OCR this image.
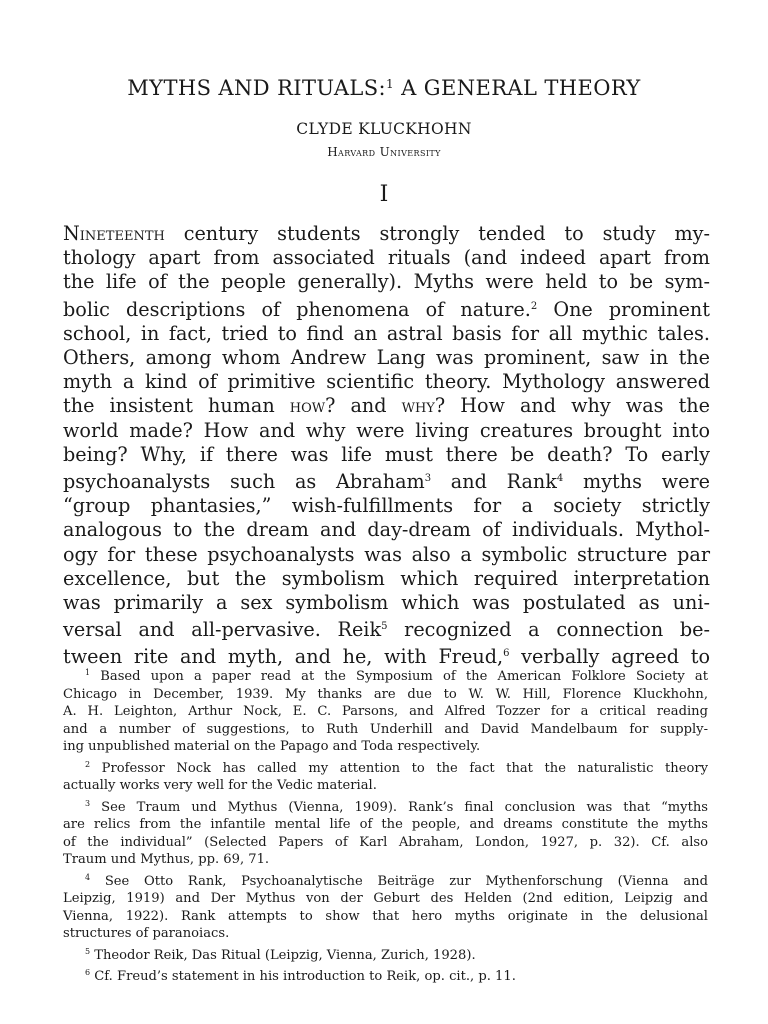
MYTHS AND RITUALS:$^1$ A GENERAL THEORY
CLYDE KLUCKHOHN
Harvard University
I
Nineteenth century students strongly tended to study my-
thology apart from associated rituals (and indeed apart from
the life of the people generally). Myths were held to be sym-
bolic descriptions of phenomena of nature.$^2$ One prominent
school, in fact, tried to find an astral basis for all mythic tales.
Others, among whom Andrew Lang was prominent, saw in the
myth a kind of primitive scientific theory. Mythology answered
the insistent human how? and why? How and why was the
world made? How and why were living creatures brought into
being? Why, if there was life must there be death? To early
psychoanalysts such as Abraham$^3$ and Rank$^4$ myths were
“group phantasies,” wish-fulfillments for a society strictly
analogous to the dream and day-dream of individuals. Mythol-
ogy for these psychoanalysts was also a symbolic structure par
excellence, but the symbolism which required interpretation
was primarily a sex symbolism which was postulated as uni-
versal and all-pervasive. Reik$^5$ recognized a connection be-
tween rite and myth, and he, with Freud,$^6$ verbally agreed to
$^1$ Based upon a paper read at the Symposium of the American Folklore Society at
Chicago in December, 1939. My thanks are due to W. W. Hill, Florence Kluckhohn,
A. H. Leighton, Arthur Nock, E. C. Parsons, and Alfred Tozzer for a critical reading
and a number of suggestions, to Ruth Underhill and David Mandelbaum for supply-
ing unpublished material on the Papago and Toda respectively.
$^2$ Professor Nock has called my attention to the fact that the naturalistic theory
actually works very well for the Vedic material.
$^3$ See Traum und Mythus (Vienna, 1909). Rank’s final conclusion was that “myths
are relics from the infantile mental life of the people, and dreams constitute the myths
of the individual” (Selected Papers of Karl Abraham, London, 1927, p. 32). Cf. also
Traum und Mythus, pp. 69, 71.
$^4$ See Otto Rank, Psychoanalytische Beiträge zur Mythenforschung (Vienna and
Leipzig, 1919) and Der Mythus von der Geburt des Helden (2nd edition, Leipzig and
Vienna, 1922). Rank attempts to show that hero myths originate in the delusional
structures of paranoiacs.
$^5$ Theodor Reik, Das Ritual (Leipzig, Vienna, Zurich, 1928).
$^6$ Cf. Freud’s statement in his introduction to Reik, op. cit., p. 11.
